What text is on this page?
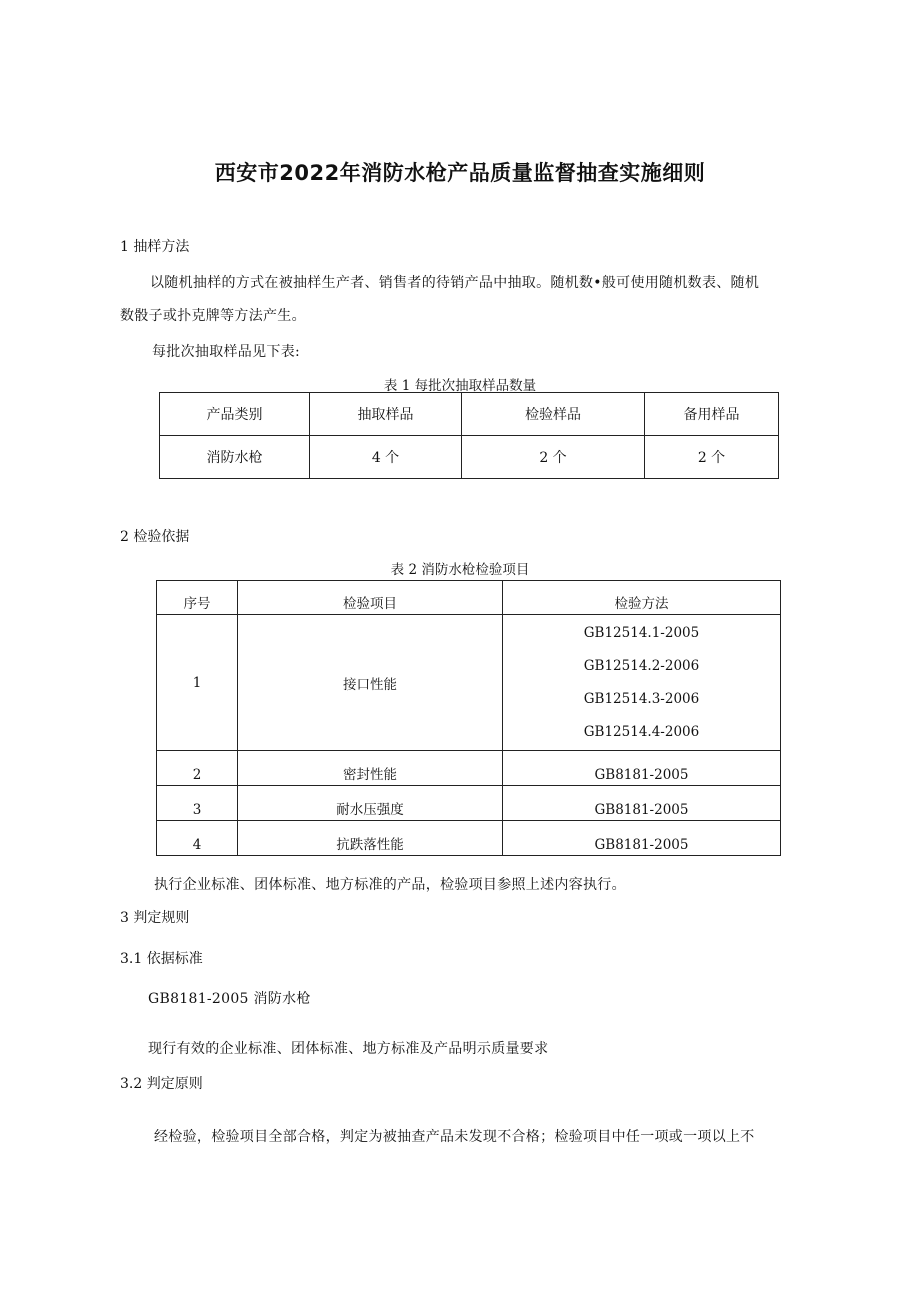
西安市2022年消防水枪产品质量监督抽查实施细则
1 抽样方法
以随机抽样的方式在被抽样生产者、销售者的待销产品中抽取。随机数•般可使用随机数表、随机
数骰子或扑克牌等方法产生。
每批次抽取样品见下表:
表 1 每批次抽取样品数量
产品类别	抽取样品	检验样品	备用样品
消防水枪	4 个	2 个	2 个
2 检验依据
表 2 消防水枪检验项目
序号	检验项目	检验方法
1	接口性能	GB12514.1-2005
GB12514.2-2006
GB12514.3-2006
GB12514.4-2006

2	密封性能	GB8181-2005
3	耐水压强度	GB8181-2005
4	抗跌落性能	GB8181-2005
执行企业标准、团体标准、地方标准的产品，检验项目参照上述内容执行。
3 判定规则
3.1 依据标准
GB8181-2005 消防水枪
现行有效的企业标准、团体标准、地方标准及产品明示质量要求
3.2 判定原则
经检验，检验项目全部合格，判定为被抽查产品未发现不合格；检验项目中任一项或一项以上不
